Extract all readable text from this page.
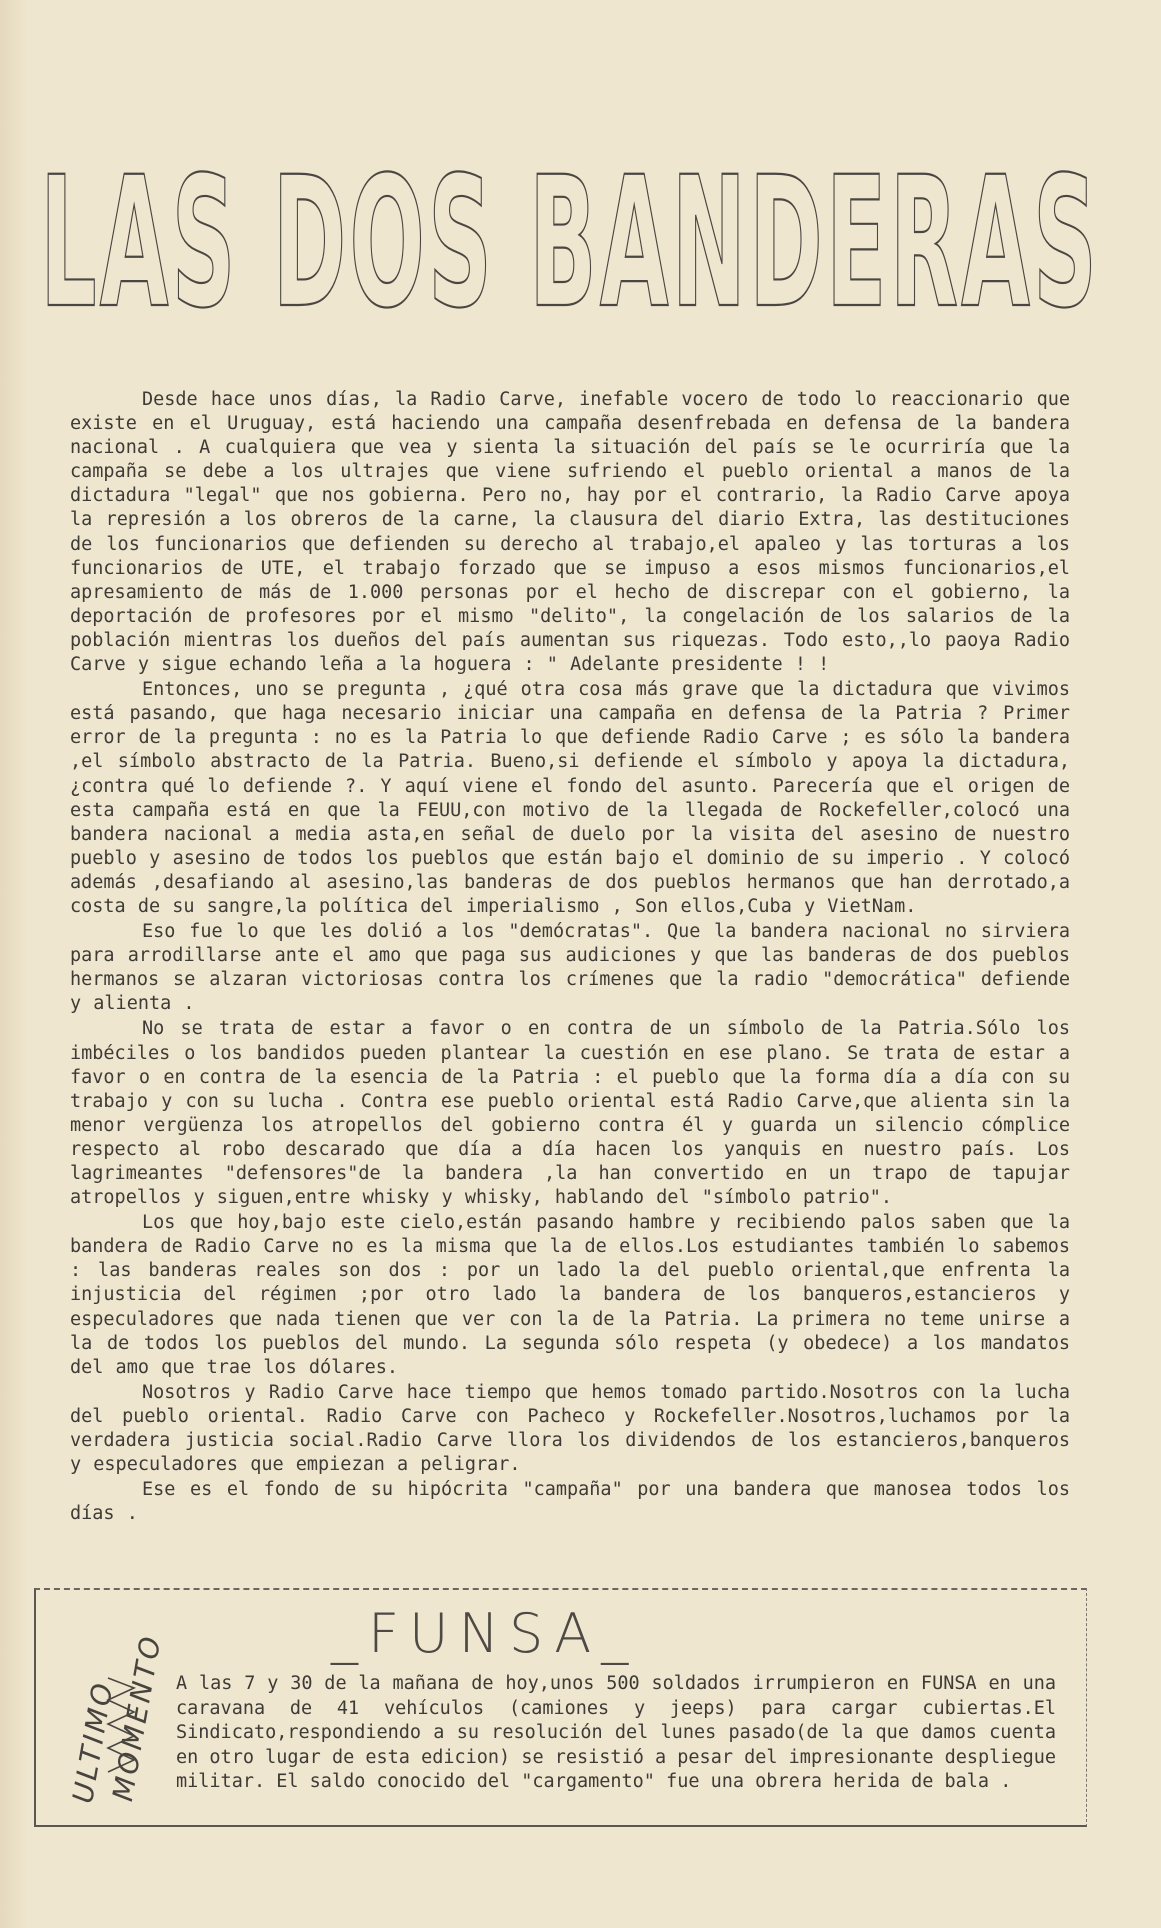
LAS DOS BANDERAS

Desde hace unos días, la Radio Carve, inefable vocero de todo lo reaccionario que existe en el Uruguay, está haciendo una campaña desenfrebada en defensa de la bandera nacional . A cualquiera que vea y sienta la situación del país se le ocurriría que la campaña se debe a los ultrajes que viene sufriendo el pueblo oriental a manos de la dictadura "legal" que nos gobierna. Pero no, hay por el contrario, la Radio Carve apoya la represión a los obreros de la carne, la clausura del diario Extra, las destituciones de los funcionarios que defienden su derecho al trabajo,el apaleo y las torturas a los funcionarios de UTE, el trabajo forzado que se impuso a esos mismos funcionarios,el apresamiento de más de 1.000 personas por el hecho de discrepar con el gobierno, la deportación de profesores por el mismo "delito", la congelación de los salarios de la población mientras los dueños del país aumentan sus riquezas. Todo esto,,lo paoya Radio Carve y sigue echando leña a la hoguera : " Adelante presidente ! !

Entonces, uno se pregunta , ¿qué otra cosa más grave que la dictadura que vivimos está pasando, que haga necesario iniciar una campaña en defensa de la Patria ? Primer error de la pregunta : no es la Patria lo que defiende Radio Carve ; es sólo la bandera ,el símbolo abstracto de la Patria. Bueno,si defiende el símbolo y apoya la dictadura, ¿contra qué lo defiende ?. Y aquí viene el fondo del asunto. Parecería que el origen de esta campaña está en que la FEUU,con motivo de la llegada de Rockefeller,colocó una bandera nacional a media asta,en señal de duelo por la visita del asesino de nuestro pueblo y asesino de todos los pueblos que están bajo el dominio de su imperio . Y colocó además ,desafiando al asesino,las banderas de dos pueblos hermanos que han derrotado,a costa de su sangre,la política del imperialismo , Son ellos,Cuba y VietNam.

Eso fue lo que les dolió a los "demócratas". Que la bandera nacional no sirviera para arrodillarse ante el amo que paga sus audiciones y que las banderas de dos pueblos hermanos se alzaran victoriosas contra los crímenes que la radio "democrática" defiende y alienta .

No se trata de estar a favor o en contra de un símbolo de la Patria.Sólo los imbéciles o los bandidos pueden plantear la cuestión en ese plano. Se trata de estar a favor o en contra de la esencia de la Patria : el pueblo que la forma día a día con su trabajo y con su lucha . Contra ese pueblo oriental está Radio Carve,que alienta sin la menor vergüenza los atropellos del gobierno contra él y guarda un silencio cómplice respecto al robo descarado que día a día hacen los yanquis en nuestro país. Los lagrimeantes "defensores"de la bandera ,la han convertido en un trapo de tapujar atropellos y siguen,entre whisky y whisky, hablando del "símbolo patrio".

Los que hoy,bajo este cielo,están pasando hambre y recibiendo palos saben que la bandera de Radio Carve no es la misma que la de ellos.Los estudiantes también lo sabemos : las banderas reales son dos : por un lado la del pueblo oriental,que enfrenta la injusticia del régimen ;por otro lado la bandera de los banqueros,estancieros y especuladores que nada tienen que ver con la de la Patria. La primera no teme unirse a la de todos los pueblos del mundo. La segunda sólo respeta (y obedece) a los mandatos del amo que trae los dólares.

Nosotros y Radio Carve hace tiempo que hemos tomado partido.Nosotros con la lucha del pueblo oriental. Radio Carve con Pacheco y Rockefeller.Nosotros,luchamos por la verdadera justicia social.Radio Carve llora los dividendos de los estancieros,banqueros y especuladores que empiezan a peligrar.

Ese es el fondo de su hipócrita "campaña" por una bandera que manosea todos los días .

ULTIMO
MOMENTO	_FUNSA_
A las 7 y 30 de la mañana de hoy,unos 500 soldados irrumpieron en FUNSA en una caravana de 41 vehículos (camiones y jeeps) para cargar cubiertas.El Sindicato,respondiendo a su resolución del lunes pasado(de la que damos cuenta en otro lugar de esta edicion) se resistió a pesar del impresionante despliegue militar. El saldo conocido del "cargamento" fue una obrera herida de bala .
